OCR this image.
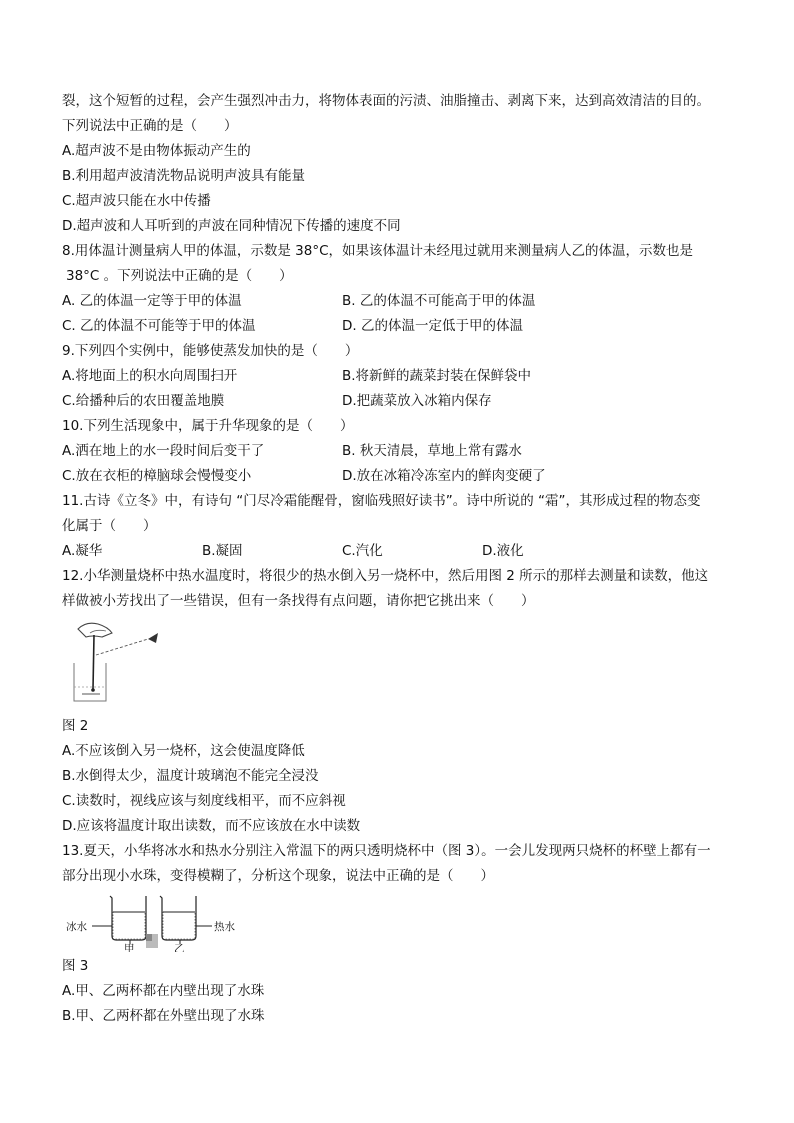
裂，这个短暂的过程，会产生强烈冲击力，将物体表面的污渍、油脂撞击、剥离下来，达到高效清洁的目的。
下列说法中正确的是（　　）
A.超声波不是由物体振动产生的
B.利用超声波清洗物品说明声波具有能量
C.超声波只能在水中传播
D.超声波和人耳听到的声波在同种情况下传播的速度不同
8.用体温计测量病人甲的体温，示数是 38°C，如果该体温计未经甩过就用来测量病人乙的体温，示数也是
38°C 。下列说法中正确的是（　　）
A. 乙的体温一定等于甲的体温	B. 乙的体温不可能高于甲的体温
C. 乙的体温不可能等于甲的体温	D. 乙的体温一定低于甲的体温
9.下列四个实例中，能够使蒸发加快的是（　　）
A.将地面上的积水向周围扫开	B.将新鲜的蔬菜封装在保鲜袋中
C.给播种后的农田覆盖地膜	D.把蔬菜放入冰箱内保存
10.下列生活现象中，属于升华现象的是（　　）
A.洒在地上的水一段时间后变干了	B. 秋天清晨，草地上常有露水
C.放在衣柜的樟脑球会慢慢变小	D.放在冰箱冷冻室内的鲜肉变硬了
11.古诗《立冬》中，有诗句 “门尽冷霜能醒骨，窗临残照好读书”。诗中所说的 “霜”，其形成过程的物态变
化属于（　　）
A.凝华	B.凝固	C.汽化	D.液化
12.小华测量烧杯中热水温度时，将很少的热水倒入另一烧杯中，然后用图 2 所示的那样去测量和读数，他这
样做被小芳找出了一些错误，但有一条找得有点问题，请你把它挑出来（　　）
图 2
A.不应该倒入另一烧杯，这会使温度降低
B.水倒得太少，温度计玻璃泡不能完全浸没
C.读数时，视线应该与刻度线相平，而不应斜视
D.应该将温度计取出读数，而不应该放在水中读数
13.夏天，小华将冰水和热水分别注入常温下的两只透明烧杯中（图 3）。一会儿发现两只烧杯的杯壁上都有一
部分出现小水珠，变得模糊了，分析这个现象，说法中正确的是（　　）
冰水
甲	乙
热水
图 3
A.甲、乙两杯都在内壁出现了水珠
B.甲、乙两杯都在外壁出现了水珠
